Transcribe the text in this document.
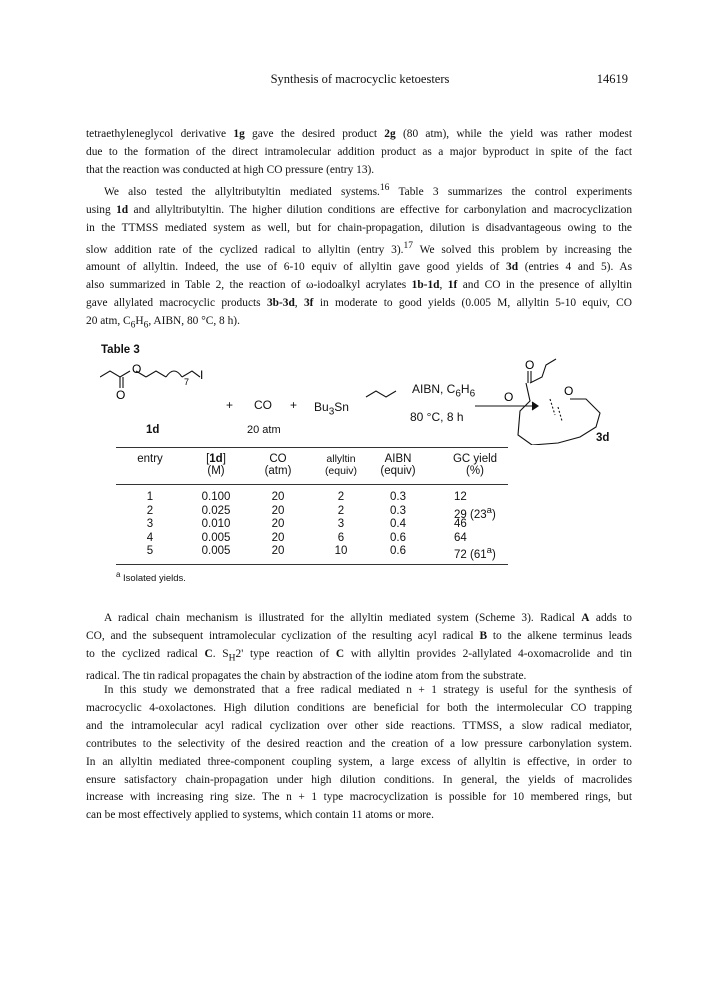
Synthesis of macrocyclic ketoesters	14619
tetraethyleneglycol derivative 1g gave the desired product 2g (80 atm), while the yield was rather modest
due to the formation of the direct intramolecular addition product as a major byproduct in spite of the fact
that the reaction was conducted at high CO pressure (entry 13).
We also tested the allyltributyltin mediated systems.$^{16}$ Table 3 summarizes the control experiments
using 1d and allyltributyltin. The higher dilution conditions are effective for carbonylation and macrocyclization
in the TTMSS mediated system as well, but for chain-propagation, dilution is disadvantageous owing to the
slow addition rate of the cyclized radical to allyltin (entry 3).$^{17}$ We solved this problem by increasing the
amount of allyltin. Indeed, the use of 6-10 equiv of allyltin gave good yields of 3d (entries 4 and 5). As
also summarized in Table 2, the reaction of ω-iodoalkyl acrylates 1b-1d, 1f and CO in the presence of allyltin
gave allylated macrocyclic products 3b-3d, 3f in moderate to good yields (0.005 M, allyltin 5-10 equiv, CO
20 atm, $C_6H_6$, AIBN, 80 °C, 8 h).
Table 3
O
O
I
7
O
O
O
1d
+ CO
20 atm
+ $Bu_3Sn$
AIBN, $C_6H_6$
80 °C, 8 h
3d
entry	[1d]
(M)
CO
(atm)
allyltin
(equiv)
AIBN
(equiv)
GC yield
(%)
1	0.100	20	2	0.3	12
2	0.025	20	2	0.3	29 (23$^a$)
3	0.010	20	3	0.4	46
4	0.005	20	6	0.6	64
5	0.005	20	10	0.6	72 (61$^a$)
$^a$ Isolated yields.
A radical chain mechanism is illustrated for the allyltin mediated system (Scheme 3). Radical A adds to
CO, and the subsequent intramolecular cyclization of the resulting acyl radical B to the alkene terminus leads
to the cyclized radical C. $S_H2'$ type reaction of C with allyltin provides 2-allylated 4-oxomacrolide and tin
radical. The tin radical propagates the chain by abstraction of the iodine atom from the substrate.
In this study we demonstrated that a free radical mediated n + 1 strategy is useful for the synthesis of
macrocyclic 4-oxolactones. High dilution conditions are beneficial for both the intermolecular CO trapping
and the intramolecular acyl radical cyclization over other side reactions. TTMSS, a slow radical mediator,
contributes to the selectivity of the desired reaction and the creation of a low pressure carbonylation system.
In an allyltin mediated three-component coupling system, a large excess of allyltin is effective, in order to
ensure satisfactory chain-propagation under high dilution conditions. In general, the yields of macrolides
increase with increasing ring size. The n + 1 type macrocyclization is possible for 10 membered rings, but
can be most effectively applied to systems, which contain 11 atoms or more.
